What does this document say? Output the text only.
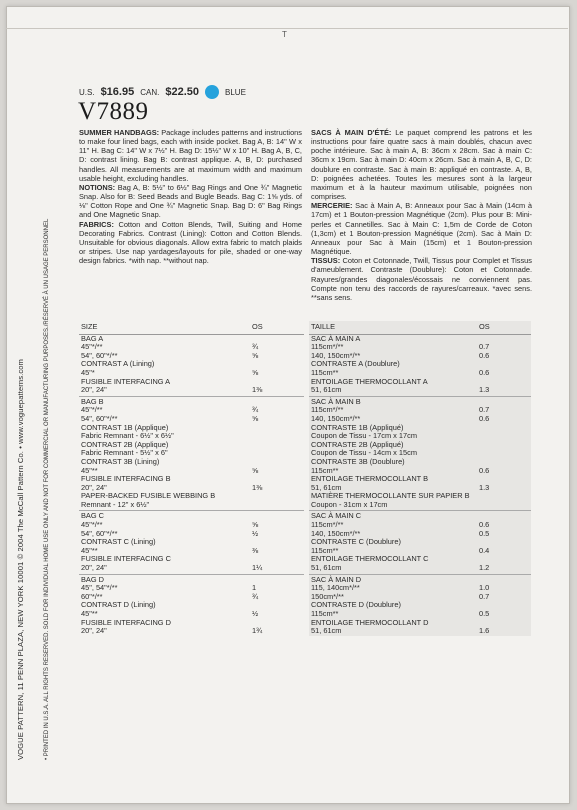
T
VOGUE PATTERN, 11 PENN PLAZA, NEW YORK 10001 © 2004 The McCall Pattern Co. • www.voguepatterns.com	• PRINTED IN U.S.A. ALL RIGHTS RESERVED. SOLD FOR INDIVIDUAL HOME USE ONLY AND NOT FOR COMMERCIAL OR MANUFACTURING PURPOSES./RÉSERVÉ À UN USAGE PERSONNEL
U.S. $16.95 CAN. $22.50	BLUE
V7889
SUMMER HANDBAGS: Package includes patterns and instructions to make four lined bags, each with inside pocket. Bag A, B: 14" W x 11" H. Bag C: 14" W x 7½" H. Bag D: 15½" W x 10" H. Bag A, B, C, D: contrast lining. Bag B: contrast applique. A, B, D: purchased handles. All measurements are at maximum width and maximum usable height, excluding handles.
NOTIONS: Bag A, B: 5½" to 6½" Bag Rings and One ¾" Magnetic Snap. Also for B: Seed Beads and Bugle Beads. Bag C: 1⅝ yds. of ⅛" Cotton Rope and One ¾" Magnetic Snap. Bag D: 6" Bag Rings and One Magnetic Snap.
FABRICS: Cotton and Cotton Blends, Twill, Suiting and Home Decorating Fabrics. Contrast (Lining): Cotton and Cotton Blends. Unsuitable for obvious diagonals. Allow extra fabric to match plaids or stripes. Use nap yardages/layouts for pile, shaded or one-way design fabrics. *with nap. **without nap.
SACS À MAIN D'ÉTÉ: Le paquet comprend les patrons et les instructions pour faire quatre sacs à main doublés, chacun avec poche intérieure. Sac à main A, B: 36cm x 28cm. Sac à main C: 36cm x 19cm. Sac à main D: 40cm x 26cm. Sac à main A, B, C, D: doublure en contraste. Sac à main B: appliqué en contraste. A, B, D: poignées achetées. Toutes les mesures sont à la largeur maximum et à la hauteur maximum utilisable, poignées non comprises.
MERCERIE: Sac à Main A, B: Anneaux pour Sac à Main (14cm à 17cm) et 1 Bouton-pression Magnétique (2cm). Plus pour B: Mini-perles et Cannetilles. Sac à Main C: 1,5m de Corde de Coton (1,3cm) et 1 Bouton-pression Magnétique (2cm). Sac à Main D: Anneaux pour Sac à Main (15cm) et 1 Bouton-pression Magnétique.
TISSUS: Coton et Cotonnade, Twill, Tissus pour Complet et Tissus d'ameublement. Contraste (Doublure): Coton et Cotonnade. Rayures/grandes diagonales/écossais ne conviennent pas. Compte non tenu des raccords de rayures/carreaux. *avec sens. **sans sens.
SIZE	OS
BAG A
45"*/**	¾
54", 60"*/**	⅝
CONTRAST A (Lining)
45"*	⅝
FUSIBLE INTERFACING A
20", 24"	1⅜
BAG B
45"*/**	¾
54", 60"*/**	⅝
CONTRAST 1B (Applique)
Fabric Remnant - 6½" x 6½"
CONTRAST 2B (Applique)
Fabric Remnant - 5½" x 6"
CONTRAST 3B (Lining)
45"**	⅝
FUSIBLE INTERFACING B
20", 24"	1⅜
PAPER-BACKED FUSIBLE WEBBING B
Remnant - 12" x 6½"
BAG C
45"*/**	⅝
54", 60"*/**	½
CONTRAST C (Lining)
45"**	⅜
FUSIBLE INTERFACING C
20", 24"	1¼
BAG D
45", 54"*/**	1
60"*/**	¾
CONTRAST D (Lining)
45"**	½
FUSIBLE INTERFACING D
20", 24"	1¾
TAILLE	OS
SAC À MAIN A
115cm*/**	0.7
140, 150cm*/**	0.6
CONTRASTE A (Doublure)
115cm**	0.6
ENTOILAGE THERMOCOLLANT A
51, 61cm	1.3
SAC À MAIN B
115cm*/**	0.7
140, 150cm*/**	0.6
CONTRASTE 1B (Appliqué)
Coupon de Tissu - 17cm x 17cm
CONTRASTE 2B (Appliqué)
Coupon de Tissu - 14cm x 15cm
CONTRASTE 3B (Doublure)
115cm**	0.6
ENTOILAGE THERMOCOLLANT B
51, 61cm	1.3
MATIÈRE THERMOCOLLANTE SUR PAPIER B
Coupon - 31cm x 17cm
SAC À MAIN C
115cm*/**	0.6
140, 150cm*/**	0.5
CONTRASTE C (Doublure)
115cm**	0.4
ENTOILAGE THERMOCOLLANT C
51, 61cm	1.2
SAC À MAIN D
115, 140cm*/**	1.0
150cm*/**	0.7
CONTRASTE D (Doublure)
115cm**	0.5
ENTOILAGE THERMOCOLLANT D
51, 61cm	1.6
